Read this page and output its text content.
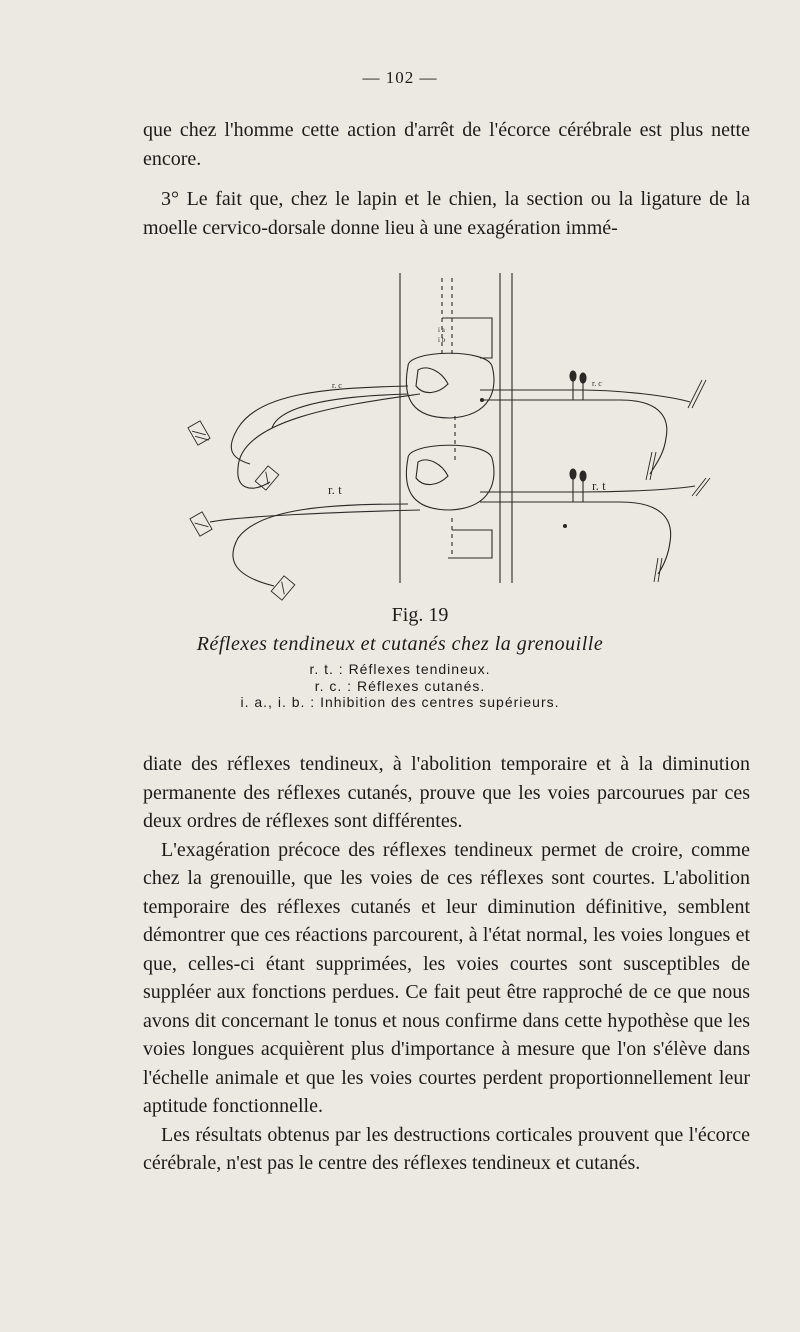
— 102 —

que chez l'homme cette action d'arrêt de l'écorce cérébrale est plus nette encore.

3° Le fait que, chez le lapin et le chien, la section ou la ligature de la moelle cervico-dorsale donne lieu à une exagération immé-

r. c
r. t
r. c
r. t
i a
i b
Fig. 19
Réflexes tendineux et cutanés chez la grenouille
r. t. : Réflexes tendineux.
r. c. : Réflexes cutanés.
i. a., i. b. : Inhibition des centres supérieurs.

diate des réflexes tendineux, à l'abolition temporaire et à la diminution permanente des réflexes cutanés, prouve que les voies parcourues par ces deux ordres de réflexes sont différentes.

L'exagération précoce des réflexes tendineux permet de croire, comme chez la grenouille, que les voies de ces réflexes sont courtes. L'abolition temporaire des réflexes cutanés et leur diminution définitive, semblent démontrer que ces réactions parcourent, à l'état normal, les voies longues et que, celles-ci étant supprimées, les voies courtes sont susceptibles de suppléer aux fonctions perdues. Ce fait peut être rapproché de ce que nous avons dit concernant le tonus et nous confirme dans cette hypothèse que les voies longues acquièrent plus d'importance à mesure que l'on s'élève dans l'échelle animale et que les voies courtes perdent proportionnellement leur aptitude fonctionnelle.

Les résultats obtenus par les destructions corticales prouvent que l'écorce cérébrale, n'est pas le centre des réflexes tendineux et cutanés.
